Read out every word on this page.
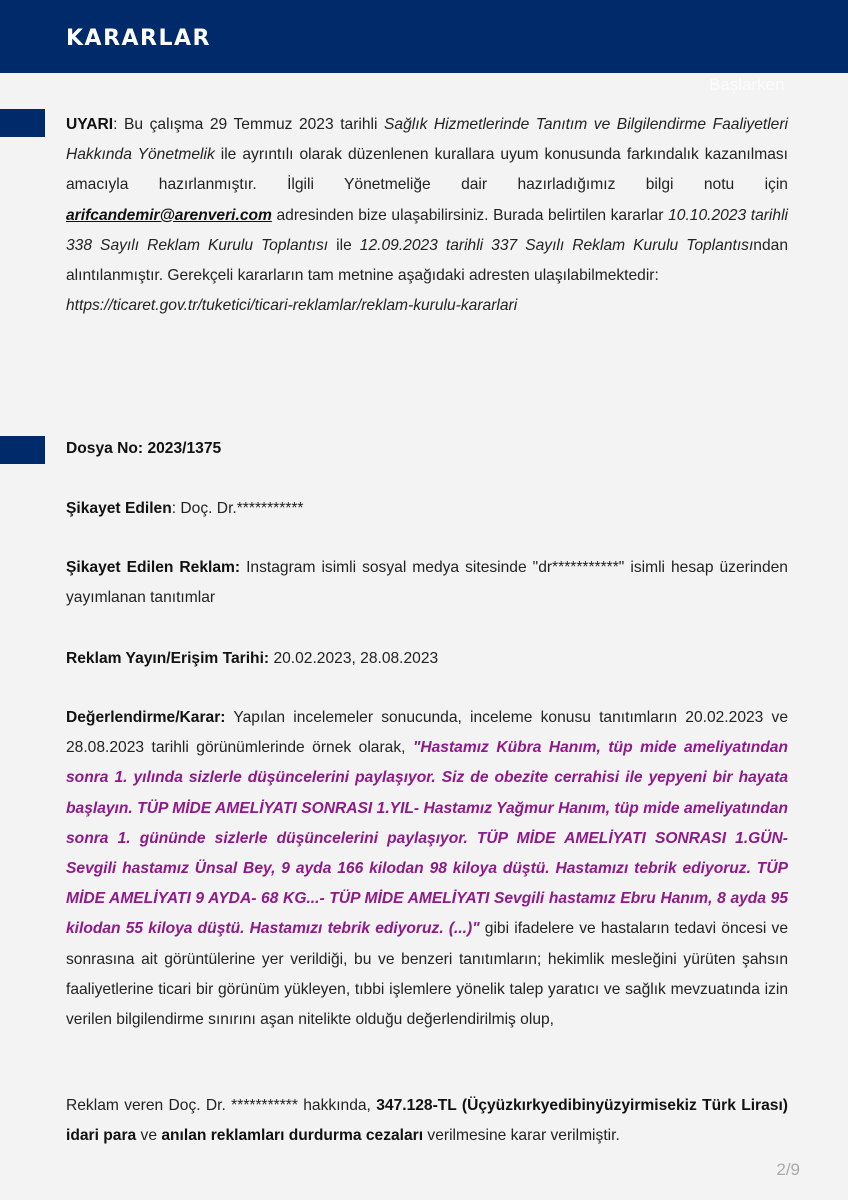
KARARLAR
Başlarken
UYARI: Bu çalışma 29 Temmuz 2023 tarihli Sağlık Hizmetlerinde Tanıtım ve Bilgilendirme Faaliyetleri Hakkında Yönetmelik ile ayrıntılı olarak düzenlenen kurallara uyum konusunda farkındalık kazanılması amacıyla hazırlanmıştır. İlgili Yönetmeliğe dair hazırladığımız bilgi notu için arifcandemir@arenveri.com adresinden bize ulaşabilirsiniz. Burada belirtilen kararlar 10.10.2023 tarihli 338 Sayılı Reklam Kurulu Toplantısı ile 12.09.2023 tarihli 337 Sayılı Reklam Kurulu Toplantısından alıntılanmıştır. Gerekçeli kararların tam metnine aşağıdaki adresten ulaşılabilmektedir:
https://ticaret.gov.tr/tuketici/ticari-reklamlar/reklam-kurulu-kararlari
Dosya No: 2023/1375
Şikayet Edilen: Doç. Dr.***********
Şikayet Edilen Reklam: Instagram isimli sosyal medya sitesinde "dr***********" isimli hesap üzerinden yayımlanan tanıtımlar
Reklam Yayın/Erişim Tarihi: 20.02.2023, 28.08.2023
Değerlendirme/Karar: Yapılan incelemeler sonucunda, inceleme konusu tanıtımların 20.02.2023 ve 28.08.2023 tarihli görünümlerinde örnek olarak, "Hastamız Kübra Hanım, tüp mide ameliyatından sonra 1. yılında sizlerle düşüncelerini paylaşıyor. Siz de obezite cerrahisi ile yepyeni bir hayata başlayın. TÜP MİDE AMELİYATI SONRASI 1.YIL- Hastamız Yağmur Hanım, tüp mide ameliyatından sonra 1. gününde sizlerle düşüncelerini paylaşıyor. TÜP MİDE AMELİYATI SONRASI 1.GÜN- Sevgili hastamız Ünsal Bey, 9 ayda 166 kilodan 98 kiloya düştü. Hastamızı tebrik ediyoruz. TÜP MİDE AMELİYATI 9 AYDA- 68 KG...- TÜP MİDE AMELİYATI Sevgili hastamız Ebru Hanım, 8 ayda 95 kilodan 55 kiloya düştü. Hastamızı tebrik ediyoruz. (...)" gibi ifadelere ve hastaların tedavi öncesi ve sonrasına ait görüntülerine yer verildiği, bu ve benzeri tanıtımların; hekimlik mesleğini yürüten şahsın faaliyetlerine ticari bir görünüm yükleyen, tıbbi işlemlere yönelik talep yaratıcı ve sağlık mevzuatında izin verilen bilgilendirme sınırını aşan nitelikte olduğu değerlendirilmiş olup,
Reklam veren Doç. Dr. *********** hakkında, 347.128-TL (Üçyüzkırkyedibinyüzyirmisekiz Türk Lirası) idari para ve anılan reklamları durdurma cezaları verilmesine karar verilmiştir.
2/9
